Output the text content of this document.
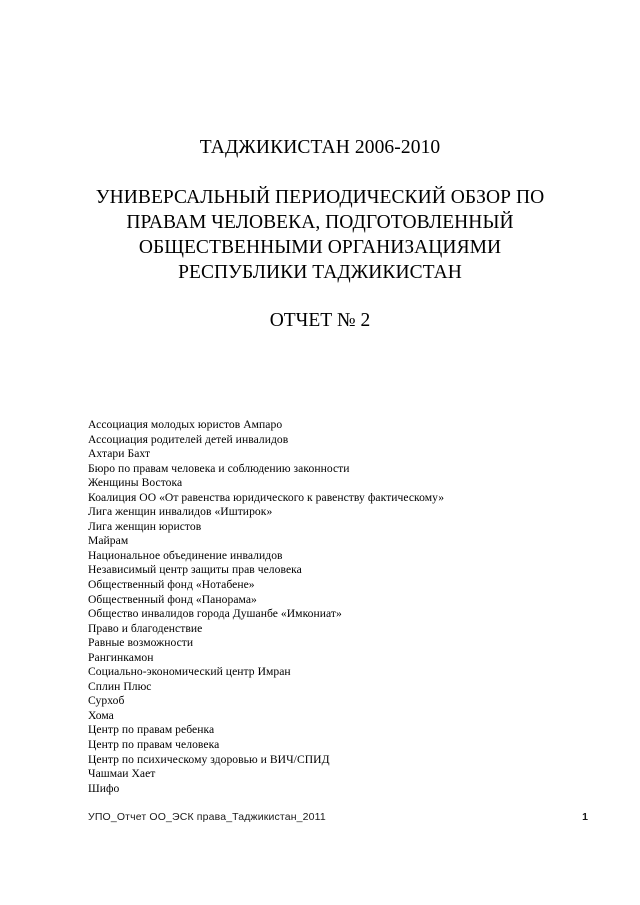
ТАДЖИКИСТАН 2006-2010

УНИВЕРСАЛЬНЫЙ ПЕРИОДИЧЕСКИЙ ОБЗОР ПО
ПРАВАМ ЧЕЛОВЕКА, ПОДГОТОВЛЕННЫЙ
ОБЩЕСТВЕННЫМИ ОРГАНИЗАЦИЯМИ
РЕСПУБЛИКИ ТАДЖИКИСТАН

ОТЧЕТ № 2

Ассоциация молодых юристов Ампаро
Ассоциация родителей детей инвалидов
Ахтари Бахт
Бюро по правам человека и соблюдению законности
Женщины Востока
Коалиция ОО «От равенства юридического к равенству фактическому»
Лига женщин инвалидов «Иштирок»
Лига женщин юристов
Майрам
Национальное объединение инвалидов
Независимый центр защиты прав человека
Общественный фонд «Нотабене»
Общественный фонд «Панорама»
Общество инвалидов города Душанбе «Имкониат»
Право и благоденствие
Равные возможности
Рангинкамон
Социально-экономический центр Имран
Сплин Плюс
Сурхоб
Хома
Центр по правам ребенка
Центр по правам человека
Центр по психическому здоровью и ВИЧ/СПИД
Чашмаи Хает
Шифо
УПО_Отчет ОО_ЭСК права_Таджикистан_2011	1
